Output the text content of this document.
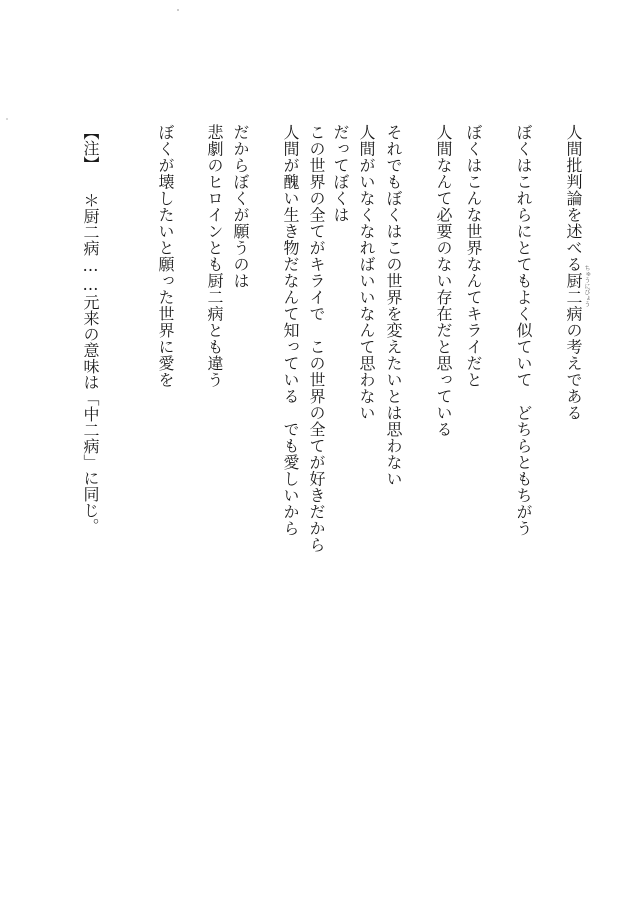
人間批判論を述べる厨二病の考えである ちゅうにびょう
ぼくはこれらにとてもよく似ていて　どちらともちがう
ぼくはこんな世界なんてキライだと
人間なんて必要のない存在だと思っている
それでもぼくはこの世界を変えたいとは思わない
人間がいなくなればいいなんて思わない
だってぼくは
この世界の全てがキライで　この世界の全てが好きだから
人間が醜い生き物だなんて知っている　でも愛しいから
だからぼくが願うのは
悲劇のヒロインとも厨二病とも違う
ぼくが壊したいと願った世界に愛を
【注】
＊厨二病……元来の意味は「中二病」に同じ。
